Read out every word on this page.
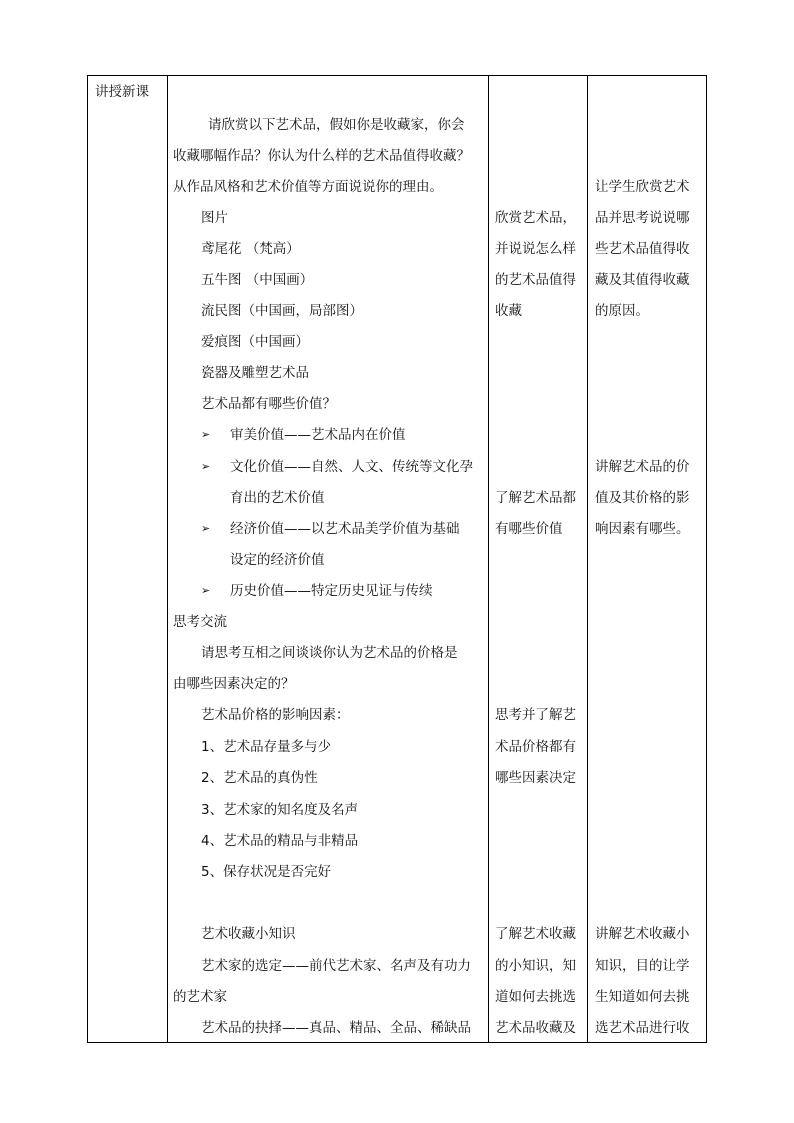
讲授新课
请欣赏以下艺术品，假如你是收藏家，你会
收藏哪幅作品？你认为什么样的艺术品值得收藏？
从作品风格和艺术价值等方面说说你的理由。
图片
鸢尾花 （梵高）
五牛图 （中国画）
流民图（中国画，局部图）
爱痕图（中国画）
瓷器及雕塑艺术品
艺术品都有哪些价值？
➢ 审美价值——艺术品内在价值
➢ 文化价值——自然、人文、传统等文化孕
育出的艺术价值
➢ 经济价值——以艺术品美学价值为基础
设定的经济价值
➢ 历史价值——特定历史见证与传续
思考交流
请思考互相之间谈谈你认为艺术品的价格是
由哪些因素决定的？
艺术品价格的影响因素：
1、艺术品存量多与少
2、艺术品的真伪性
3、艺术家的知名度及名声
4、艺术品的精品与非精品
5、保存状况是否完好
艺术收藏小知识
艺术家的选定——前代艺术家、名声及有功力
的艺术家
艺术品的抉择——真品、精品、全品、稀缺品
欣赏艺术品，
并说说怎么样
的艺术品值得
收藏
了解艺术品都
有哪些价值
思考并了解艺
术品价格都有
哪些因素决定
了解艺术收藏
的小知识，知
道如何去挑选
艺术品收藏及
让学生欣赏艺术
品并思考说说哪
些艺术品值得收
藏及其值得收藏
的原因。
讲解艺术品的价
值及其价格的影
响因素有哪些。
讲解艺术收藏小
知识，目的让学
生知道如何去挑
选艺术品进行收
